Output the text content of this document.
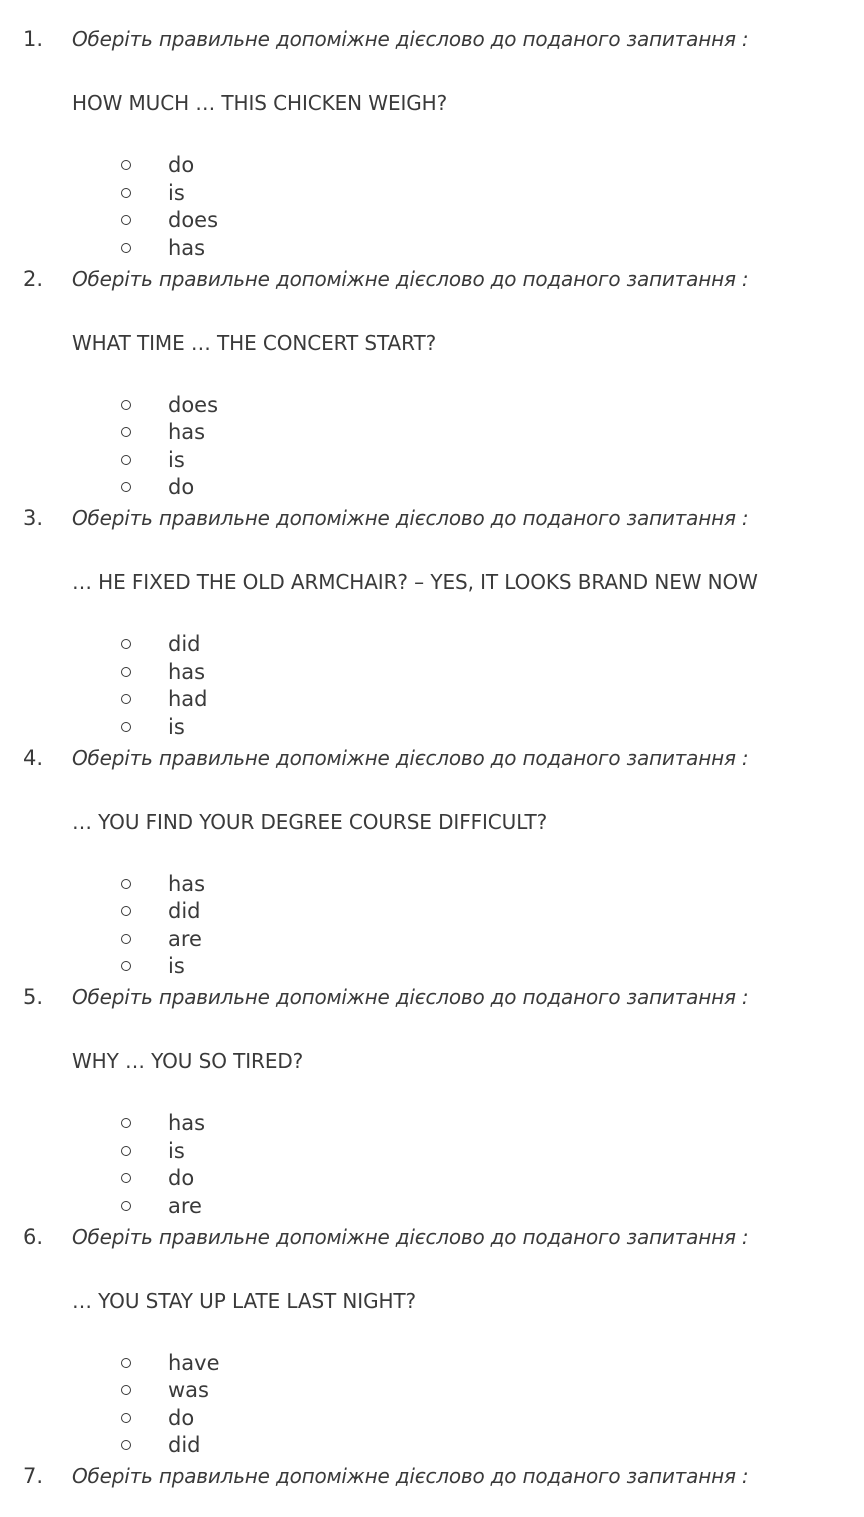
1. Оберіть правильне допоміжне дієслово до поданого запитання :
HOW MUCH … THIS CHICKEN WEIGH?
do
is
does
has
2. Оберіть правильне допоміжне дієслово до поданого запитання :
WHAT TIME … THE CONCERT START?
does
has
is
do
3. Оберіть правильне допоміжне дієслово до поданого запитання :
… HE FIXED THE OLD ARMCHAIR? – YES, IT LOOKS BRAND NEW NOW
did
has
had
is
4. Оберіть правильне допоміжне дієслово до поданого запитання :
… YOU FIND YOUR DEGREE COURSE DIFFICULT?
has
did
are
is
5. Оберіть правильне допоміжне дієслово до поданого запитання :
WHY … YOU SO TIRED?
has
is
do
are
6. Оберіть правильне допоміжне дієслово до поданого запитання :
… YOU STAY UP LATE LAST NIGHT?
have
was
do
did
7. Оберіть правильне допоміжне дієслово до поданого запитання :
